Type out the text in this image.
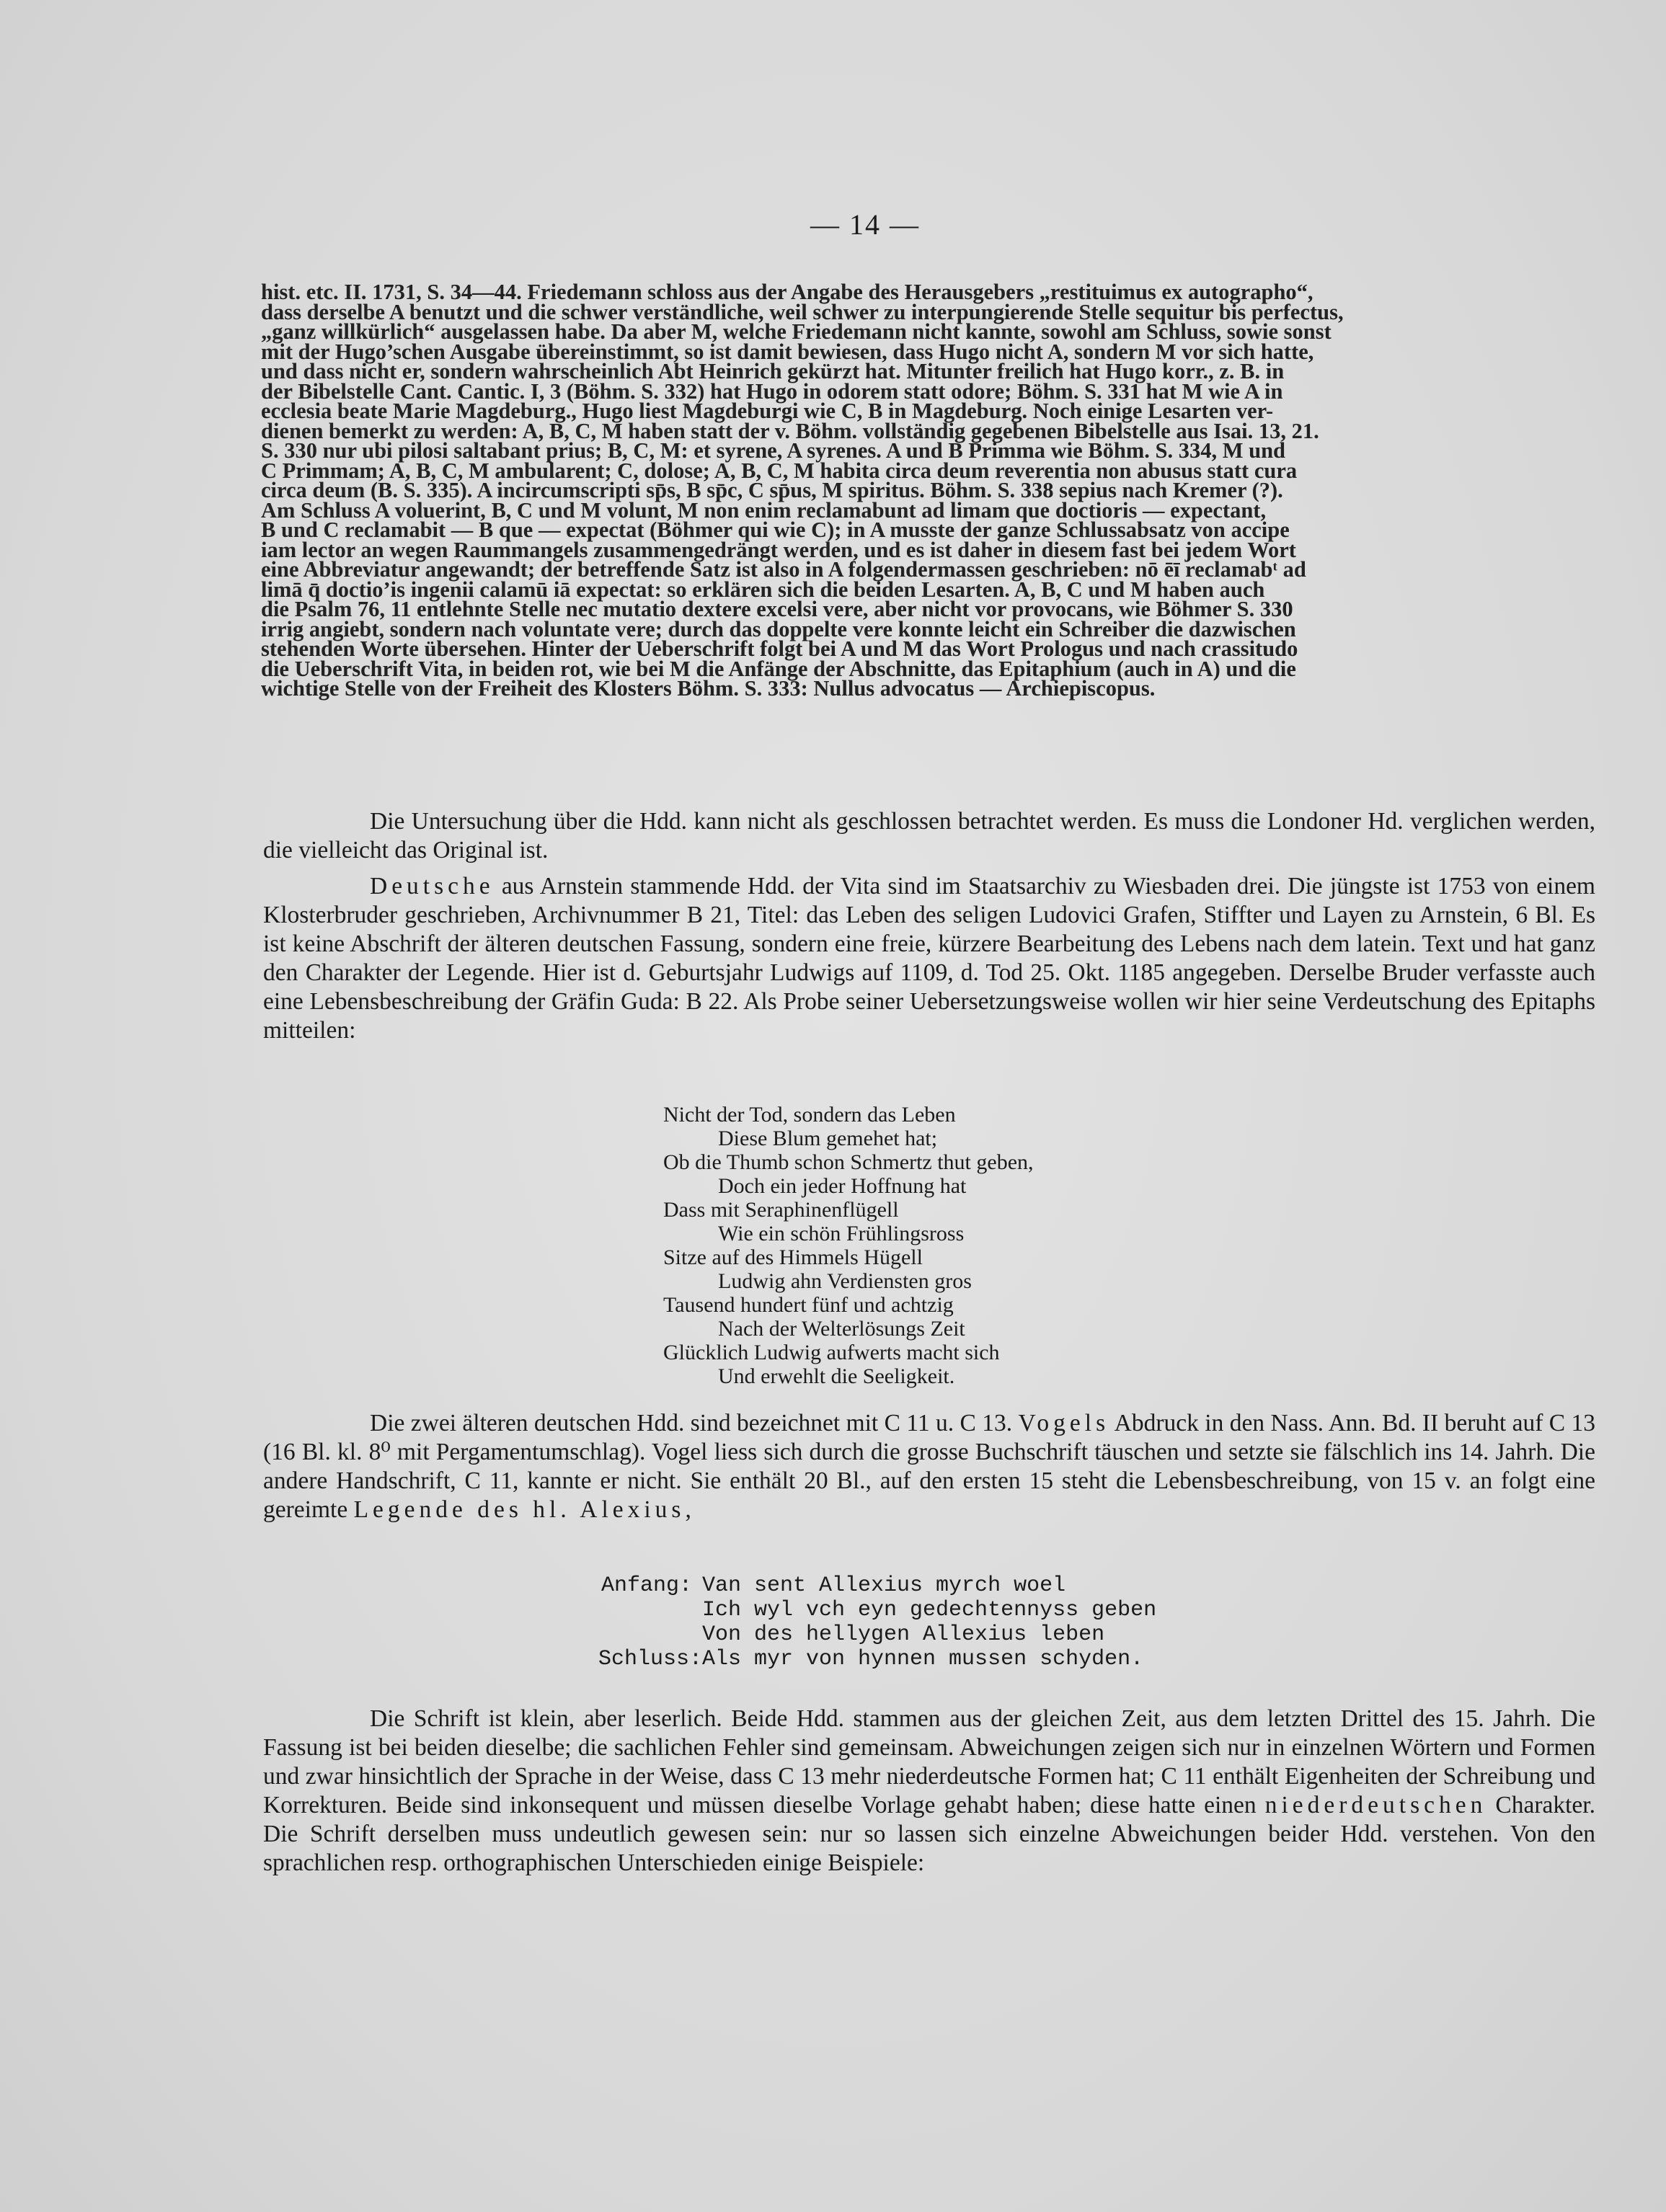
— 14 —

hist. etc. II. 1731, S. 34—44. Friedemann schloss aus der Angabe des Herausgebers „restituimus ex autographo“,

dass derselbe A benutzt und die schwer verständliche, weil schwer zu interpungierende Stelle sequitur bis perfectus,

„ganz willkürlich“ ausgelassen habe. Da aber M, welche Friedemann nicht kannte, sowohl am Schluss, sowie sonst

mit der Hugo’schen Ausgabe übereinstimmt, so ist damit bewiesen, dass Hugo nicht A, sondern M vor sich hatte,

und dass nicht er, sondern wahrscheinlich Abt Heinrich gekürzt hat. Mitunter freilich hat Hugo korr., z. B. in

der Bibelstelle Cant. Cantic. I, 3 (Böhm. S. 332) hat Hugo in odorem statt odore; Böhm. S. 331 hat M wie A in

ecclesia beate Marie Magdeburg., Hugo liest Magdeburgi wie C, B in Magdeburg. Noch einige Lesarten ver-

dienen bemerkt zu werden: A, B, C, M haben statt der v. Böhm. vollständig gegebenen Bibelstelle aus Isai. 13, 21.

S. 330 nur ubi pilosi saltabant prius; B, C, M: et syrene, A syrenes. A und B Primma wie Böhm. S. 334, M und

C Primmam; A, B, C, M ambularent; C, dolose; A, B, C, M habita circa deum reverentia non abusus statt cura

circa deum (B. S. 335). A incircumscripti sp̄s, B sp̄c, C sp̄us, M spiritus. Böhm. S. 338 sepius nach Kremer (?).

Am Schluss A voluerint, B, C und M volunt, M non enim reclamabunt ad limam que doctioris — expectant,

B und C reclamabit — B que — expectat (Böhmer qui wie C); in A musste der ganze Schlussabsatz von accipe

iam lector an wegen Raummangels zusammengedrängt werden, und es ist daher in diesem fast bei jedem Wort

eine Abbreviatur angewandt; der betreffende Satz ist also in A folgendermassen geschrieben: nō ēī reclamabᵗ ad

limā q̄ doctio’is ingenii calamū iā expectat: so erklären sich die beiden Lesarten. A, B, C und M haben auch

die Psalm 76, 11 entlehnte Stelle nec mutatio dextere excelsi vere, aber nicht vor provocans, wie Böhmer S. 330

irrig angiebt, sondern nach voluntate vere; durch das doppelte vere konnte leicht ein Schreiber die dazwischen

stehenden Worte übersehen. Hinter der Ueberschrift folgt bei A und M das Wort Prologus und nach crassitudo

die Ueberschrift Vita, in beiden rot, wie bei M die Anfänge der Abschnitte, das Epitaphium (auch in A) und die

wichtige Stelle von der Freiheit des Klosters Böhm. S. 333: Nullus advocatus — Archiepiscopus.

Die Untersuchung über die Hdd. kann nicht als geschlossen betrachtet werden. Es muss die Londoner Hd. verglichen werden, die vielleicht das Original ist.

Deutsche aus Arnstein stammende Hdd. der Vita sind im Staatsarchiv zu Wiesbaden drei. Die jüngste ist 1753 von einem Klosterbruder geschrieben, Archivnummer B 21, Titel: das Leben des seligen Ludovici Grafen, Stiffter und Layen zu Arnstein, 6 Bl. Es ist keine Abschrift der älteren deutschen Fassung, sondern eine freie, kürzere Bearbeitung des Lebens nach dem latein. Text und hat ganz den Charakter der Legende. Hier ist d. Geburtsjahr Ludwigs auf 1109, d. Tod 25. Okt. 1185 angegeben. Derselbe Bruder verfasste auch eine Lebensbeschreibung der Gräfin Guda: B 22. Als Probe seiner Uebersetzungsweise wollen wir hier seine Verdeutschung des Epitaphs mitteilen:

Nicht der Tod, sondern das Leben
Diese Blum gemehet hat;
Ob die Thumb schon Schmertz thut geben,
Doch ein jeder Hoffnung hat
Dass mit Seraphinenflügell
Wie ein schön Frühlingsross
Sitze auf des Himmels Hügell
Ludwig ahn Verdiensten gros
Tausend hundert fünf und achtzig
Nach der Welterlösungs Zeit
Glücklich Ludwig aufwerts macht sich
Und erwehlt die Seeligkeit.

Die zwei älteren deutschen Hdd. sind bezeichnet mit C 11 u. C 13. Vogels Abdruck in den Nass. Ann. Bd. II beruht auf C 13 (16 Bl. kl. 8⁰ mit Pergamentumschlag). Vogel liess sich durch die grosse Buchschrift täuschen und setzte sie fälschlich ins 14. Jahrh. Die andere Handschrift, C 11, kannte er nicht. Sie enthält 20 Bl., auf den ersten 15 steht die Lebensbeschreibung, von 15 v. an folgt eine gereimte Legende des hl. Alexius,

Anfang: Van sent Allexius myrch woel
Ich wyl vch eyn gedechtennyss geben
Von des hellygen Allexius leben
Schluss: Als myr von hynnen mussen schyden.

Die Schrift ist klein, aber leserlich. Beide Hdd. stammen aus der gleichen Zeit, aus dem letzten Drittel des 15. Jahrh. Die Fassung ist bei beiden dieselbe; die sachlichen Fehler sind gemeinsam. Abweichungen zeigen sich nur in einzelnen Wörtern und Formen und zwar hinsichtlich der Sprache in der Weise, dass C 13 mehr niederdeutsche Formen hat; C 11 enthält Eigenheiten der Schreibung und Korrekturen. Beide sind inkonsequent und müssen dieselbe Vorlage gehabt haben; diese hatte einen niederdeutschen Charakter. Die Schrift derselben muss undeutlich gewesen sein: nur so lassen sich einzelne Abweichungen beider Hdd. verstehen. Von den sprachlichen resp. orthographischen Unterschieden einige Beispiele:
